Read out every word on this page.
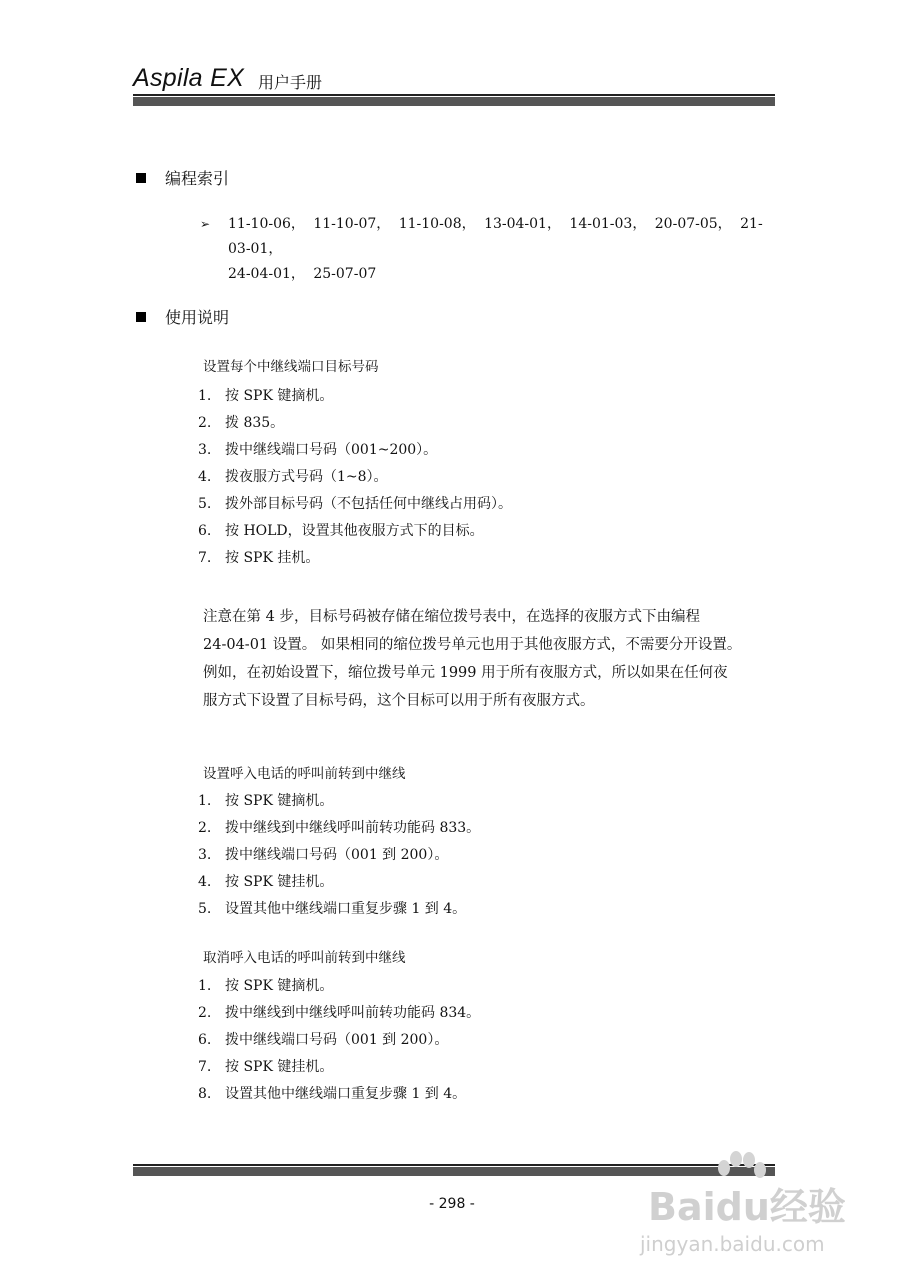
Aspila EX 用户手册
编程索引
➢ 11-10-06， 11-10-07， 11-10-08， 13-04-01， 14-01-03， 20-07-05， 21-03-01，
24-04-01， 25-07-07
使用说明
设置每个中继线端口目标号码
1. 按 SPK 键摘机。
2. 拨 835。
3. 拨中继线端口号码（001~200）。
4. 拨夜服方式号码（1~8）。
5. 拨外部目标号码（不包括任何中继线占用码）。
6. 按 HOLD，设置其他夜服方式下的目标。
7. 按 SPK 挂机。
注意在第 4 步，目标号码被存储在缩位拨号表中，在选择的夜服方式下由编程
24-04-01 设置。 如果相同的缩位拨号单元也用于其他夜服方式，不需要分开设置。
例如，在初始设置下，缩位拨号单元 1999 用于所有夜服方式，所以如果在任何夜
服方式下设置了目标号码，这个目标可以用于所有夜服方式。
设置呼入电话的呼叫前转到中继线
1. 按 SPK 键摘机。
2. 拨中继线到中继线呼叫前转功能码 833。
3. 拨中继线端口号码（001 到 200）。
4. 按 SPK 键挂机。
5. 设置其他中继线端口重复步骤 1 到 4。
取消呼入电话的呼叫前转到中继线
1. 按 SPK 键摘机。
2. 拨中继线到中继线呼叫前转功能码 834。
6. 拨中继线端口号码（001 到 200）。
7. 按 SPK 键挂机。
8. 设置其他中继线端口重复步骤 1 到 4。
- 298 -	Baidu经验
jingyan.baidu.com
